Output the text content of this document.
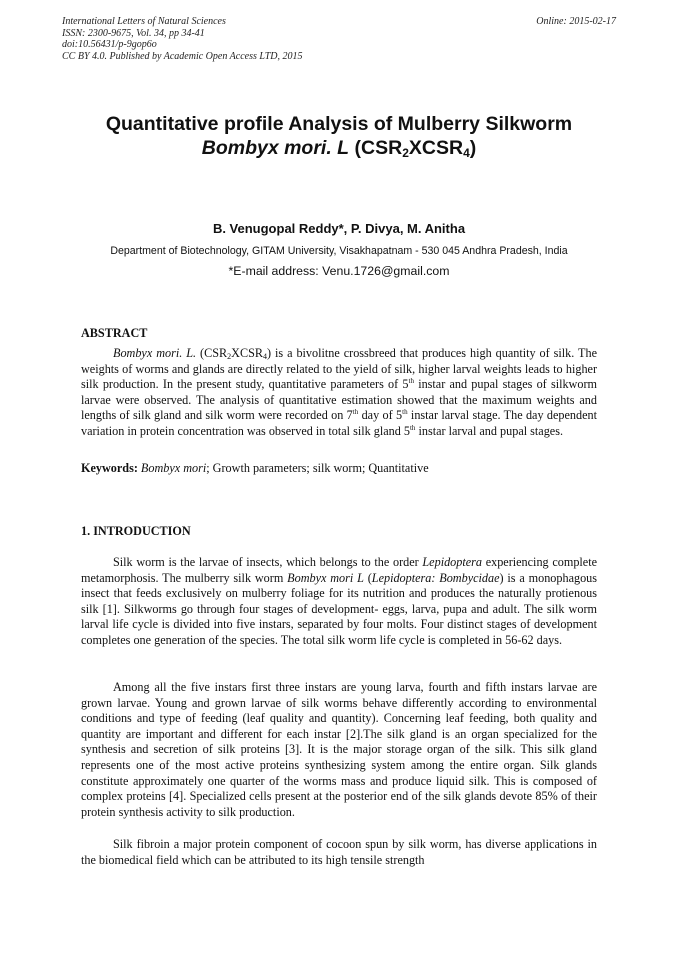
International Letters of Natural Sciences
ISSN: 2300-9675, Vol. 34, pp 34-41
doi:10.56431/p-9gop6o
CC BY 4.0. Published by Academic Open Access LTD, 2015
Online: 2015-02-17
Quantitative profile Analysis of Mulberry Silkworm
Bombyx mori. L $(CSR_2XCSR_4)$
B. Venugopal Reddy*, P. Divya, M. Anitha
Department of Biotechnology, GITAM University, Visakhapatnam - 530 045 Andhra Pradesh, India
*E-mail address: Venu.1726@gmail.com
ABSTRACT
Bombyx mori. L. $(CSR_2XCSR_4)$ is a bivolitne crossbreed that produces high quantity of silk. The weights of worms and glands are directly related to the yield of silk, higher larval weights leads to higher silk production. In the present study, quantitative parameters of 5th instar and pupal stages of silkworm larvae were observed. The analysis of quantitative estimation showed that the maximum weights and lengths of silk gland and silk worm were recorded on 7th day of 5th instar larval stage. The day dependent variation in protein concentration was observed in total silk gland 5th instar larval and pupal stages.
Keywords: Bombyx mori; Growth parameters; silk worm; Quantitative
1. INTRODUCTION
Silk worm is the larvae of insects, which belongs to the order Lepidoptera experiencing complete metamorphosis. The mulberry silk worm Bombyx mori L (Lepidoptera: Bombycidae) is a monophagous insect that feeds exclusively on mulberry foliage for its nutrition and produces the naturally protienous silk [1]. Silkworms go through four stages of development- eggs, larva, pupa and adult. The silk worm larval life cycle is divided into five instars, separated by four molts. Four distinct stages of development completes one generation of the species. The total silk worm life cycle is completed in 56-62 days.
Among all the five instars first three instars are young larva, fourth and fifth instars larvae are grown larvae. Young and grown larvae of silk worms behave differently according to environmental conditions and type of feeding (leaf quality and quantity). Concerning leaf feeding, both quality and quantity are important and different for each instar [2].The silk gland is an organ specialized for the synthesis and secretion of silk proteins [3]. It is the major storage organ of the silk. This silk gland represents one of the most active proteins synthesizing system among the entire organ. Silk glands constitute approximately one quarter of the worms mass and produce liquid silk. This is composed of complex proteins [4]. Specialized cells present at the posterior end of the silk glands devote 85% of their protein synthesis activity to silk production.
Silk fibroin a major protein component of cocoon spun by silk worm, has diverse applications in the biomedical field which can be attributed to its high tensile strength
